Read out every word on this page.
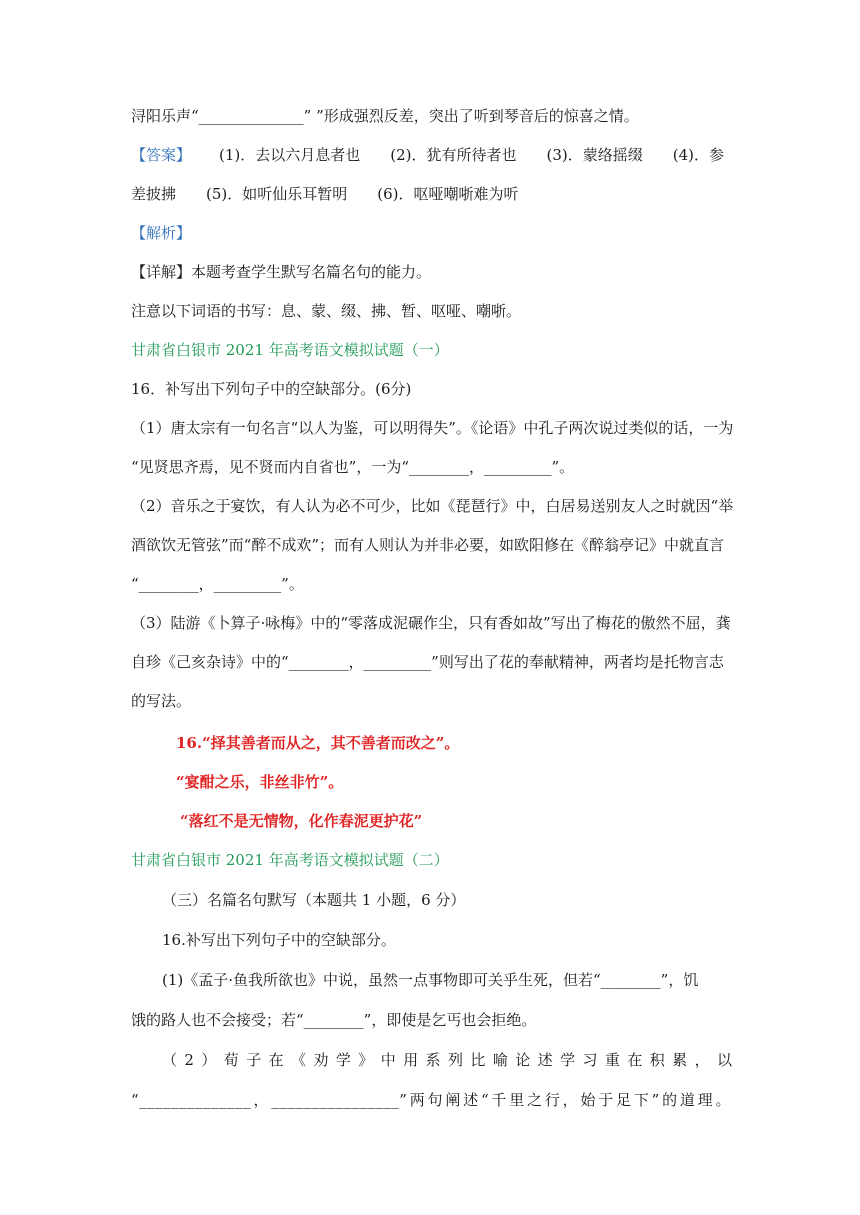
浔阳乐声“______________” ”形成强烈反差，突出了听到琴音后的惊喜之情。
【答案】 (1)．去以六月息者也　　(2)．犹有所待者也　　(3)．蒙络摇缀　　(4)．参
差披拂　　(5)．如听仙乐耳暂明　　(6)．呕哑嘲哳难为听
【解析】
【详解】本题考查学生默写名篇名句的能力。
注意以下词语的书写：息、蒙、缀、拂、暂、呕哑、嘲哳。
甘肃省白银市 2021 年高考语文模拟试题（一）
16．补写出下列句子中的空缺部分。(6分)
（1）唐太宗有一句名言“以人为鉴，可以明得失”。《论语》中孔子两次说过类似的话，一为
“见贤思齐焉，见不贤而内自省也”，一为“________，_________”。
（2）音乐之于宴饮，有人认为必不可少，比如《琵琶行》中，白居易送别友人之时就因“举
酒欲饮无管弦”而“醉不成欢”；而有人则认为并非必要，如欧阳修在《醉翁亭记》中就直言
“________，_________”。
（3）陆游《卜算子·咏梅》中的“零落成泥碾作尘，只有香如故”写出了梅花的傲然不屈，龚
自珍《己亥杂诗》中的“________，_________”则写出了花的奉献精神，两者均是托物言志
的写法。
16.“择其善者而从之，其不善者而改之”。
“宴酣之乐，非丝非竹”。
“落红不是无情物，化作春泥更护花”
甘肃省白银市 2021 年高考语文模拟试题（二）
（三）名篇名句默写（本题共 1 小题，6 分）
16.补写出下列句子中的空缺部分。
(1)《孟子·鱼我所欲也》中说，虽然一点事物即可关乎生死，但若“________”，饥
饿的路人也不会接受；若“________”，即使是乞丐也会拒绝。
（2）荀子在《劝学》中用系列比喻论述学习重在积累，以
“______________，________________”两句阐述“千里之行，始于足下”的道理。
